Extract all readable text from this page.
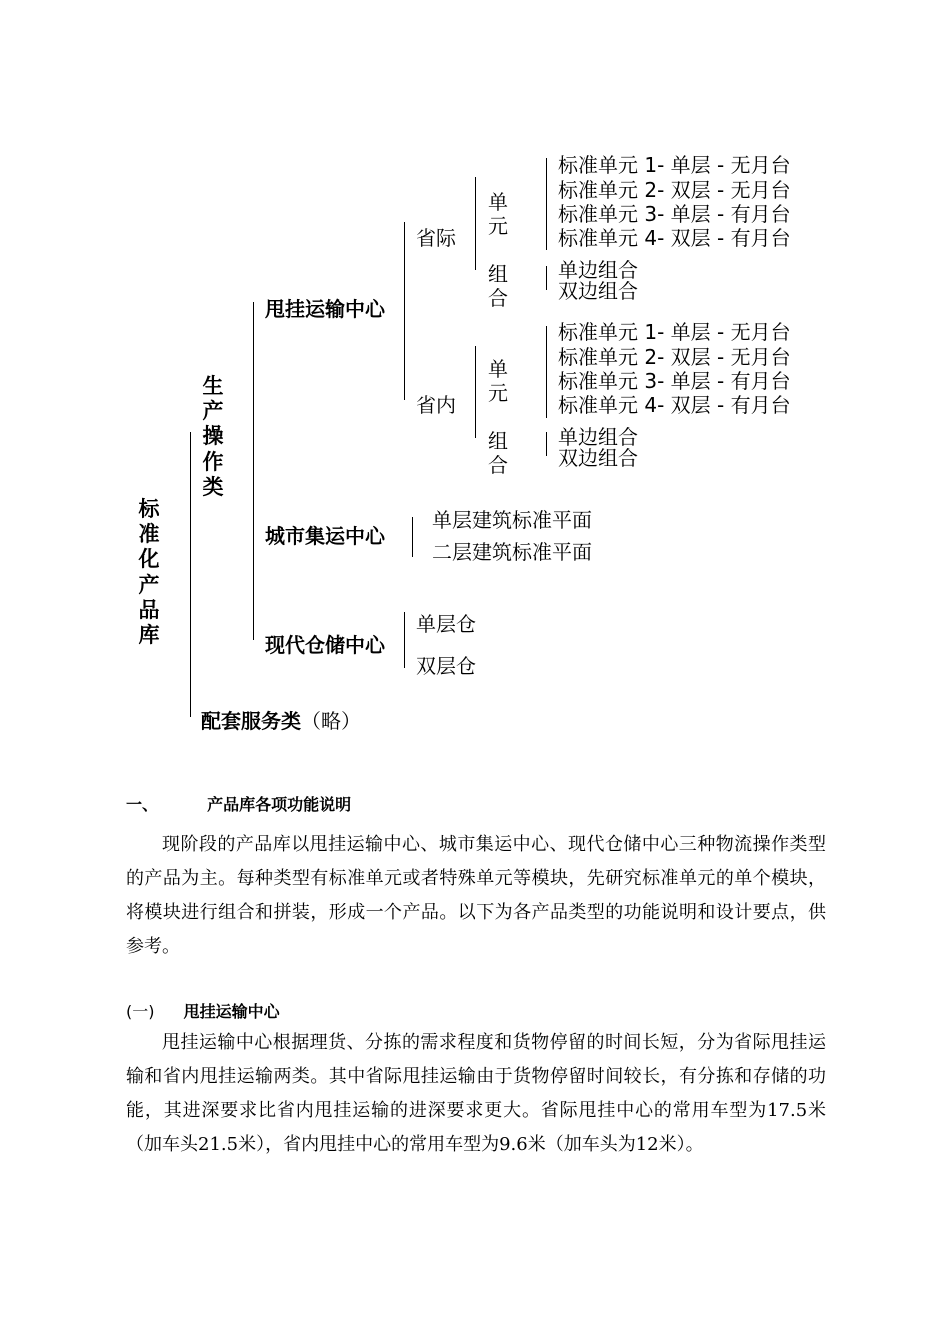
标准化产品库
生产操作类
配套服务类（略）
甩挂运输中心
城市集运中心
现代仓储中心
省际
单元
组合
标准单元 1- 单层 - 无月台
标准单元 2- 双层 - 无月台
标准单元 3- 单层 - 有月台
标准单元 4- 双层 - 有月台
单边组合
双边组合
省内
单元
组合
标准单元 1- 单层 - 无月台
标准单元 2- 双层 - 无月台
标准单元 3- 单层 - 有月台
标准单元 4- 双层 - 有月台
单边组合
双边组合
单层建筑标准平面
二层建筑标准平面
单层仓
双层仓
一、	产品库各项功能说明
现阶段的产品库以甩挂运输中心、城市集运中心、现代仓储中心三种物流操作类型的产品为主。每种类型有标准单元或者特殊单元等模块，先研究标准单元的单个模块，将模块进行组合和拼装，形成一个产品。以下为各产品类型的功能说明和设计要点，供参考。
(一) 甩挂运输中心
甩挂运输中心根据理货、分拣的需求程度和货物停留的时间长短，分为省际甩挂运输和省内甩挂运输两类。其中省际甩挂运输由于货物停留时间较长，有分拣和存储的功能，其进深要求比省内甩挂运输的进深要求更大。省际甩挂中心的常用车型为17.5米（加车头21.5米），省内甩挂中心的常用车型为9.6米（加车头为12米）。
